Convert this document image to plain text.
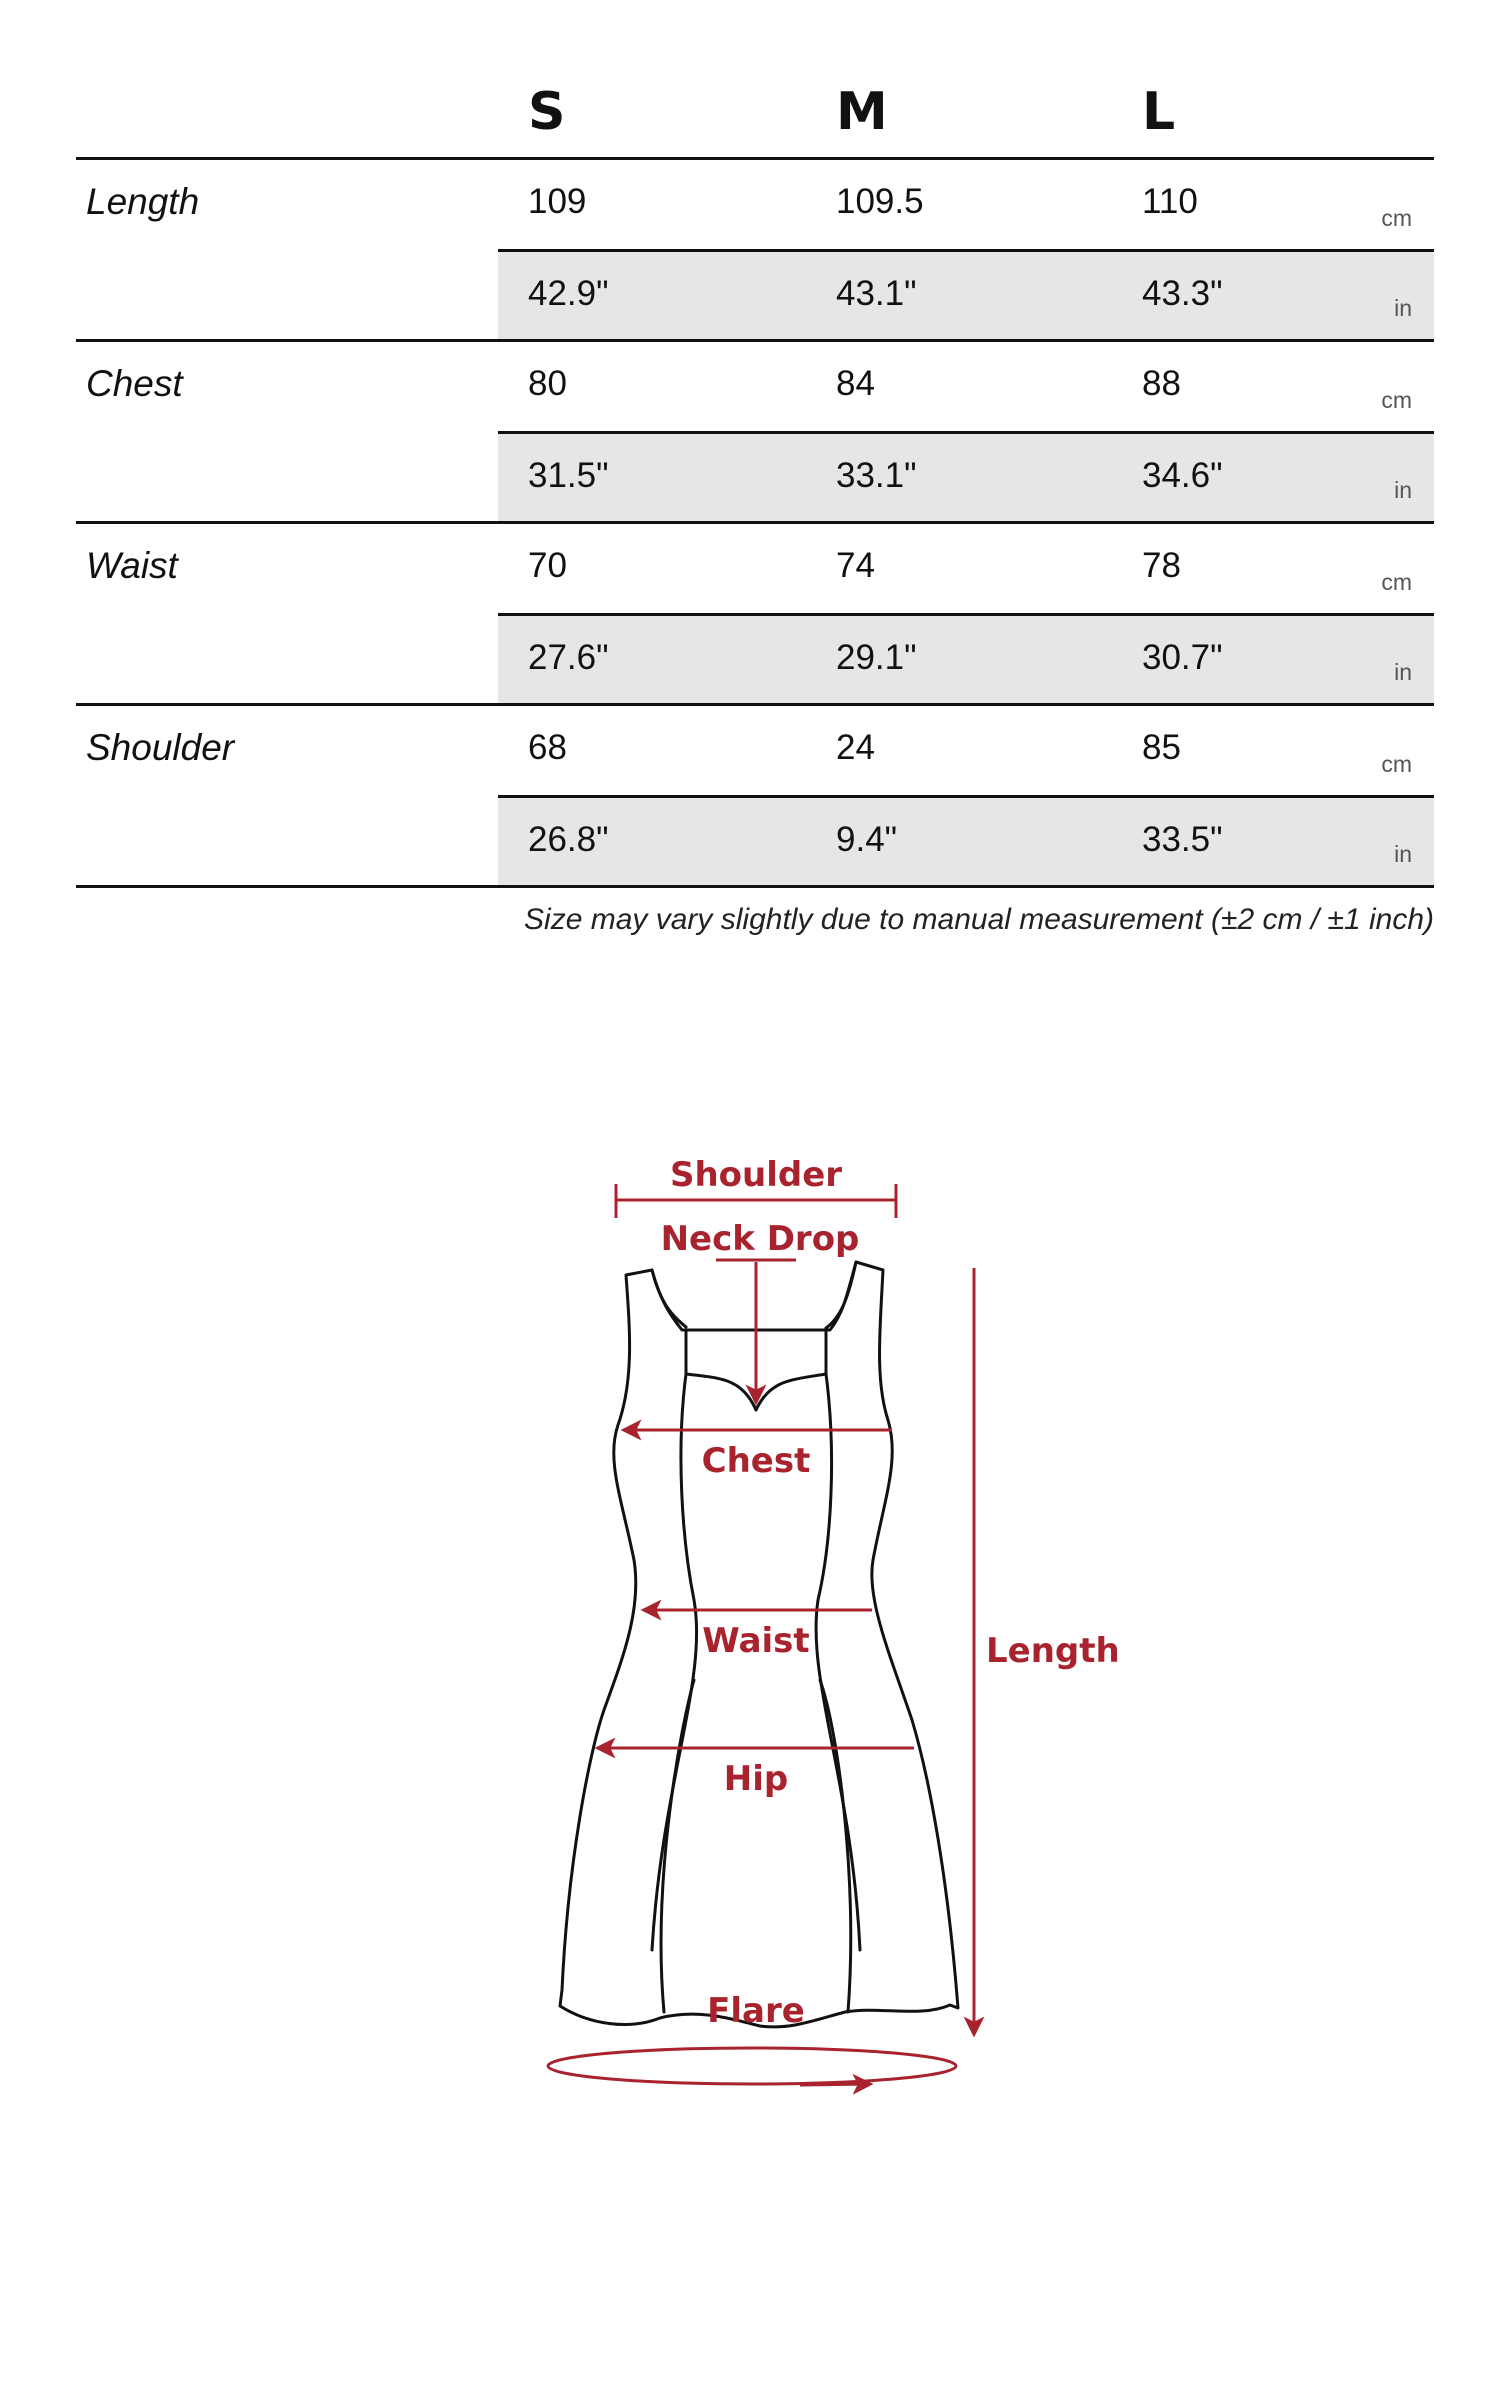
S	M	L
Length	109	109.5	110	cm
42.9"	43.1"	43.3"	in
Chest	80	84	88	cm
31.5"	33.1"	34.6"	in
Waist	70	74	78	cm
27.6"	29.1"	30.7"	in
Shoulder	68	24	85	cm
26.8"	9.4"	33.5"	in
Size may vary slightly due to manual measurement (±2 cm / ±1 inch)
Shoulder
Neck Drop
Chest
Waist
Hip
Length
Flare
